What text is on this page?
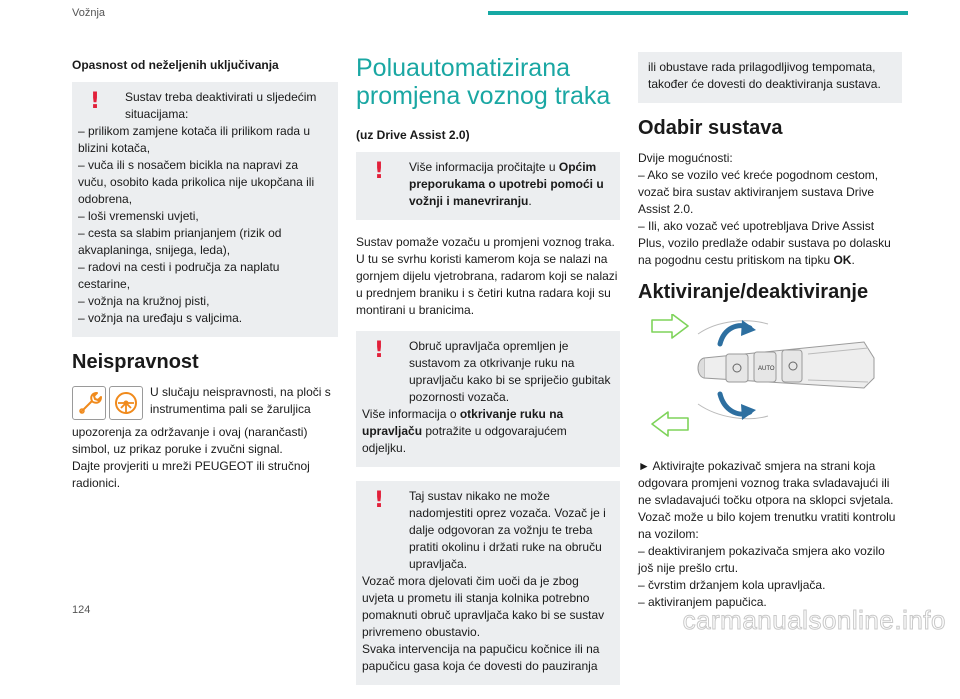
Vožnja
Opasnost od neželjenih uključivanja
!	Sustav treba deaktivirati u sljedećim situacijama:
– prilikom zamjene kotača ili prilikom rada u blizini kotača,
– vuča ili s nosačem bicikla na napravi za vuču, osobito kada prikolica nije ukopčana ili odobrena,
– loši vremenski uvjeti,
– cesta sa slabim prianjanjem (rizik od akvaplaninga, snijega, leda),
– radovi na cesti i područja za naplatu cestarine,
– vožnja na kružnoj pisti,
– vožnja na uređaju s valjcima.
Neispravnost
U slučaju neispravnosti, na ploči s instrumentima pali se žaruljica

upozorenja za održavanje i ovaj (narančasti) simbol, uz prikaz poruke i zvučni signal.

Dajte provjeriti u mreži PEUGEOT ili stručnoj radionici.

Poluautomatizirana promjena voznog traka
(uz Drive Assist 2.0)
!	Više informacija pročitajte u Općim preporukama o upotrebi pomoći u vožnji i manevriranju.

Sustav pomaže vozaču u promjeni voznog traka. U tu se svrhu koristi kamerom koja se nalazi na gornjem dijelu vjetrobrana, radarom koji se nalazi u prednjem braniku i s četiri kutna radara koji su montirani u branicima.

!	Obruč upravljača opremljen je sustavom za otkrivanje ruku na upravljaču kako bi se spriječio gubitak pozornosti vozača.
Više informacija o otkrivanje ruku na upravljaču potražite u odgovarajućem odjeljku.
!	Taj sustav nikako ne može nadomjestiti oprez vozača. Vozač je i dalje odgovoran za vožnju te treba pratiti okolinu i držati ruke na obruču upravljača.
Vozač mora djelovati čim uoči da je zbog uvjeta u prometu ili stanja kolnika potrebno pomaknuti obruč upravljača kako bi se sustav privremeno obustavio.
Svaka intervencija na papučicu kočnice ili na papučicu gasa koja će dovesti do pauziranja
ili obustave rada prilagodljivog tempomata, također će dovesti do deaktiviranja sustava.
Odabir sustava

Dvije mogućnosti:

– Ako se vozilo već kreće pogodnom cestom, vozač bira sustav aktiviranjem sustava Drive Assist 2.0.

– Ili, ako vozač već upotrebljava Drive Assist Plus, vozilo predlaže odabir sustava po dolasku na pogodnu cestu pritiskom na tipku OK.

Aktiviranje/deaktiviranje
AUTO

► Aktivirajte pokazivač smjera na strani koja odgovara promjeni voznog traka svladavajući ili ne svladavajući točku otpora na sklopci svjetala. Vozač može u bilo kojem trenutku vratiti kontrolu na vozilom:

– deaktiviranjem pokazivača smjera ako vozilo još nije prešlo crtu.

– čvrstim držanjem kola upravljača.

– aktiviranjem papučica.

124	carmanualsonline.info
